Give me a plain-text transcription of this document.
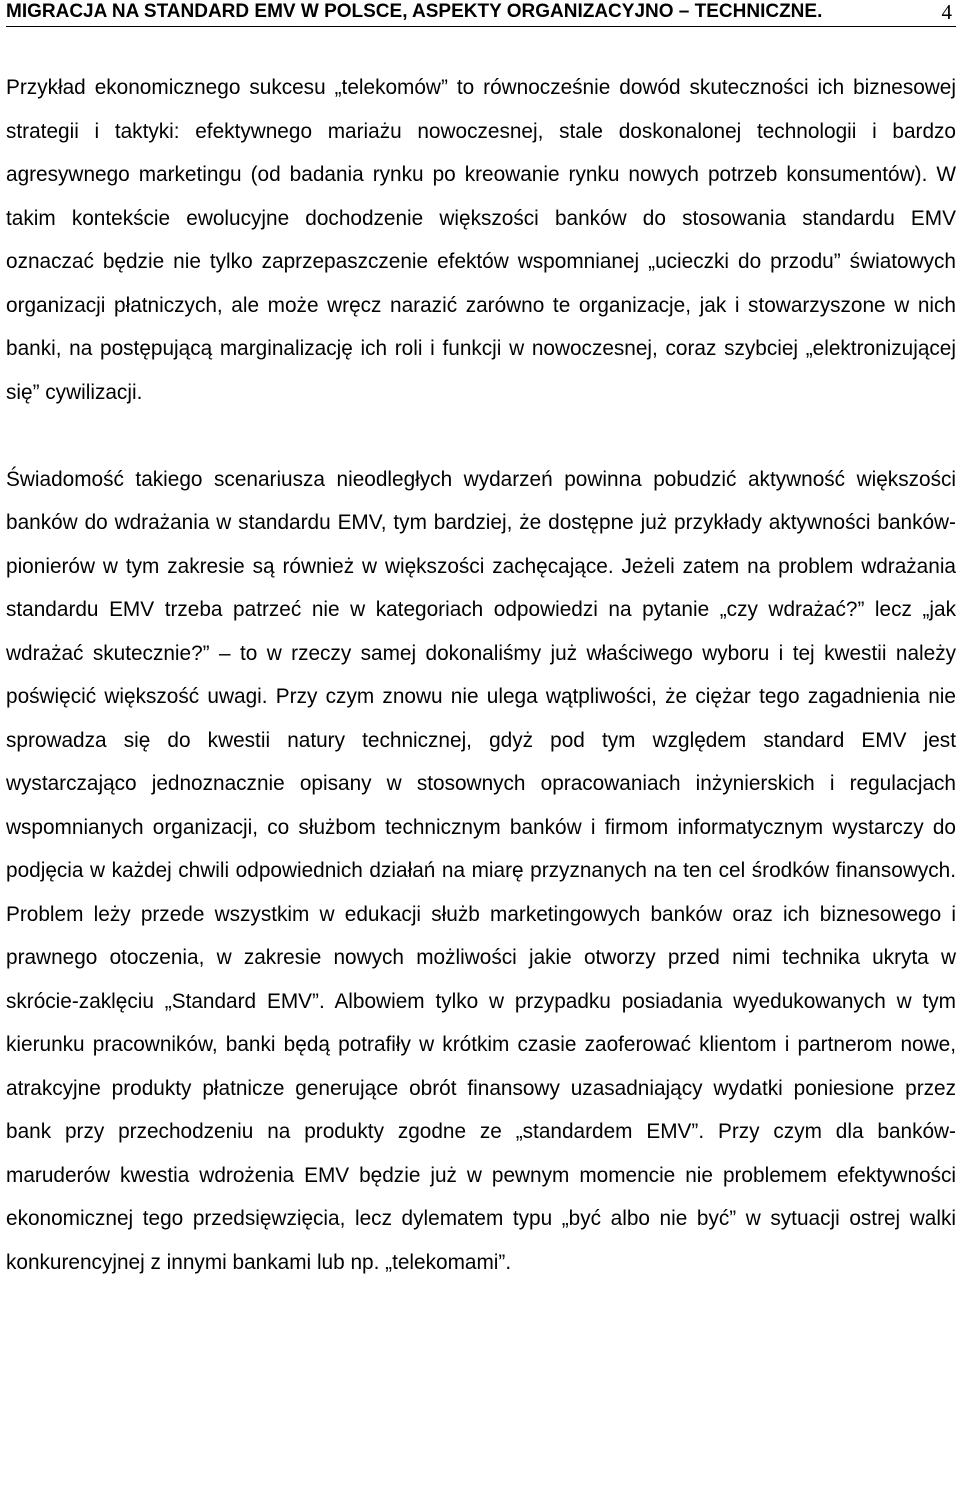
MIGRACJA NA STANDARD EMV W POLSCE, ASPEKTY ORGANIZACYJNO – TECHNICZNE.	4

Przykład ekonomicznego sukcesu „telekomów” to równocześnie dowód skuteczności ich biznesowej strategii i taktyki: efektywnego mariażu nowoczesnej, stale doskonalonej technologii i bardzo agresywnego marketingu (od badania rynku po kreowanie rynku nowych potrzeb konsumentów). W takim kontekście ewolucyjne dochodzenie większości banków do stosowania standardu EMV oznaczać będzie nie tylko zaprzepaszczenie efektów wspomnianej „ucieczki do przodu” światowych organizacji płatniczych, ale może wręcz narazić zarówno te organizacje, jak i stowarzyszone w nich banki, na postępującą marginalizację ich roli i funkcji w nowoczesnej, coraz szybciej „elektronizującej się” cywilizacji.

Świadomość takiego scenariusza nieodległych wydarzeń powinna pobudzić aktywność większości banków do wdrażania w standardu EMV, tym bardziej, że dostępne już przykłady aktywności banków-pionierów w tym zakresie są również w większości zachęcające. Jeżeli zatem na problem wdrażania standardu EMV trzeba patrzeć nie w kategoriach odpowiedzi na pytanie „czy wdrażać?” lecz „jak wdrażać skutecznie?” – to w rzeczy samej dokonaliśmy już właściwego wyboru i tej kwestii należy poświęcić większość uwagi. Przy czym znowu nie ulega wątpliwości, że ciężar tego zagadnienia nie sprowadza się do kwestii natury technicznej, gdyż pod tym względem standard EMV jest wystarczająco jednoznacznie opisany w stosownych opracowaniach inżynierskich i regulacjach wspomnianych organizacji, co służbom technicznym banków i firmom informatycznym wystarczy do podjęcia w każdej chwili odpowiednich działań na miarę przyznanych na ten cel środków finansowych. Problem leży przede wszystkim w edukacji służb marketingowych banków oraz ich biznesowego i prawnego otoczenia, w zakresie nowych możliwości jakie otworzy przed nimi technika ukryta w skrócie-zaklęciu „Standard EMV”. Albowiem tylko w przypadku posiadania wyedukowanych w tym kierunku pracowników, banki będą potrafiły w krótkim czasie zaoferować klientom i partnerom nowe, atrakcyjne produkty płatnicze generujące obrót finansowy uzasadniający wydatki poniesione przez bank przy przechodzeniu na produkty zgodne ze „standardem EMV”. Przy czym dla banków-maruderów kwestia wdrożenia EMV będzie już w pewnym momencie nie problemem efektywności ekonomicznej tego przedsięwzięcia, lecz dylematem typu „być albo nie być” w sytuacji ostrej walki konkurencyjnej z innymi bankami lub np. „telekomami”.
